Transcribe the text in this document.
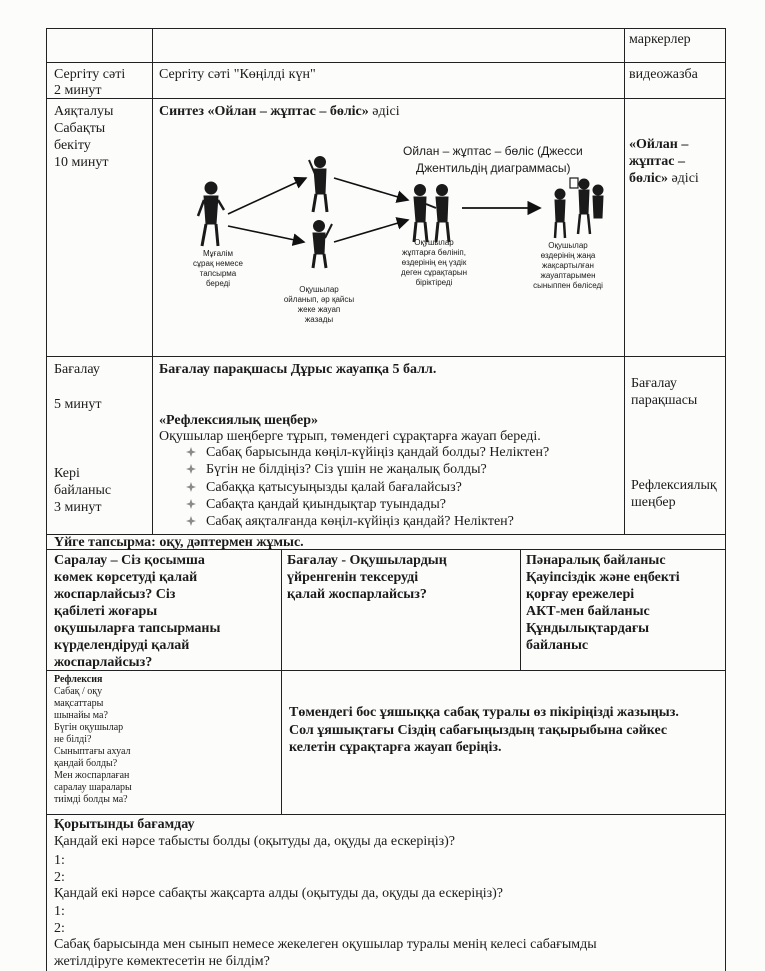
маркерлер
Сергіту сәті
2 минут
Сергіту сәті "Көңілді күн"	видеожазба
Аяқталуы
Сабақты
бекіту
10 минут
Синтез «Ойлан – жұптас – бөліс» әдісі
«Ойлан –
жұптас –
бөліс» әдісі
Ойлан – жұптас – бөліс (Джесси
Джентильдің диаграммасы)
Мұғалім
сұрақ немесе
тапсырма
береді
Оқушылар
ойланып, әр қайсы
жеке жауап
жазады
Оқушылар
жұптарға бөлініп,
өздерінің ең үздік
деген сұрақтарын
біріктіреді
Оқушылар
өздерінің жаңа
жақсартылған
жауаптарымен
сыныппен бөліседі
Бағалау
5 минут
Кері
байланыс
3 минут
Бағалау парақшасы Дұрыс жауапқа 5 балл.
«Рефлексиялық шеңбер»
Оқушылар шеңберге тұрып, төмендегі сұрақтарға жауап береді.
Сабақ барысында көңіл-күйіңіз қандай болды? Неліктен?
Бүгін не білдіңіз? Сіз үшін не жаңалық болды?
Сабаққа қатысуыңызды қалай бағалайсыз?
Сабақта қандай қиындықтар туындады?
Сабақ аяқталғанда көңіл-күйіңіз қандай? Неліктен?
Бағалау
парақшасы
Рефлексиялық
шеңбер
Үйге тапсырма: оқу, дәптермен жұмыс.
Саралау – Сіз қосымша
көмек көрсетуді қалай
жоспарлайсыз? Сіз
қабілеті жоғары
оқушыларға тапсырманы
күрделендіруді қалай
жоспарлайсыз?
Бағалау - Оқушылардың
үйренгенін тексеруді
қалай жоспарлайсыз?
Пәнаралық байланыс
Қауіпсіздік және еңбекті
қорғау ережелері
АКТ-мен байланыс
Құндылықтардағы
байланыс
Рефлексия
Сабақ / оқу
мақсаттары
шынайы ма?
Бүгін оқушылар
не білді?
Сыныптағы ахуал
қандай болды?
Мен жоспарлаған
саралау шаралары
тиімді болды ма?
Төмендегі бос ұяшыққа сабақ туралы өз пікіріңізді жазыңыз.
Сол ұяшықтағы Сіздің сабағыңыздың тақырыбына сәйкес
келетін сұрақтарға жауап беріңіз.
Қорытынды бағамдау
Қандай екі нәрсе табысты болды (оқытуды да, оқуды да ескеріңіз)?
1:
2:
Қандай екі нәрсе сабақты жақсарта алды (оқытуды да, оқуды да ескеріңіз)?
1:
2:
Сабақ барысында мен сынып немесе жекелеген оқушылар туралы менің келесі сабағымды
жетілдіруге көмектесетін не білдім?
